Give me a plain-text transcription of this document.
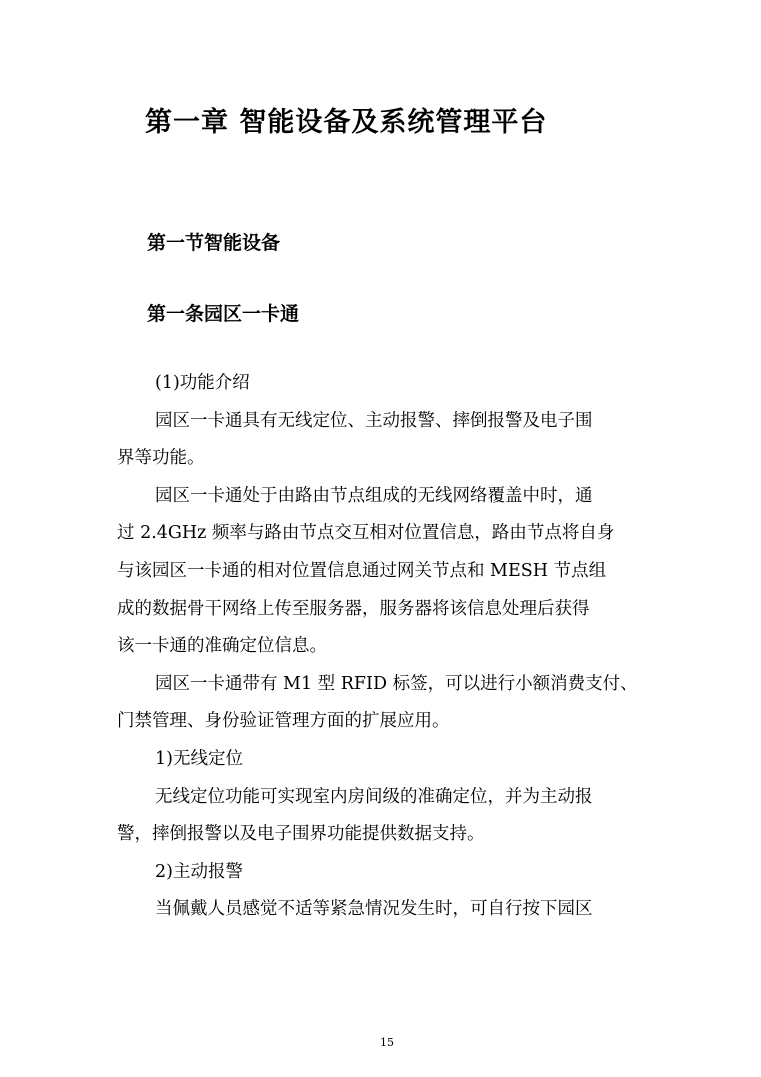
第一章 智能设备及系统管理平台
第一节智能设备
第一条园区一卡通
(1)功能介绍
园区一卡通具有无线定位、主动报警、摔倒报警及电子围
界等功能。
园区一卡通处于由路由节点组成的无线网络覆盖中时，通
过 2.4GHz 频率与路由节点交互相对位置信息，路由节点将自身
与该园区一卡通的相对位置信息通过网关节点和 MESH 节点组
成的数据骨干网络上传至服务器，服务器将该信息处理后获得
该一卡通的准确定位信息。
园区一卡通带有 M1 型 RFID 标签，可以进行小额消费支付、
门禁管理、身份验证管理方面的扩展应用。
1)无线定位
无线定位功能可实现室内房间级的准确定位，并为主动报
警，摔倒报警以及电子围界功能提供数据支持。
2)主动报警
当佩戴人员感觉不适等紧急情况发生时，可自行按下园区
15
